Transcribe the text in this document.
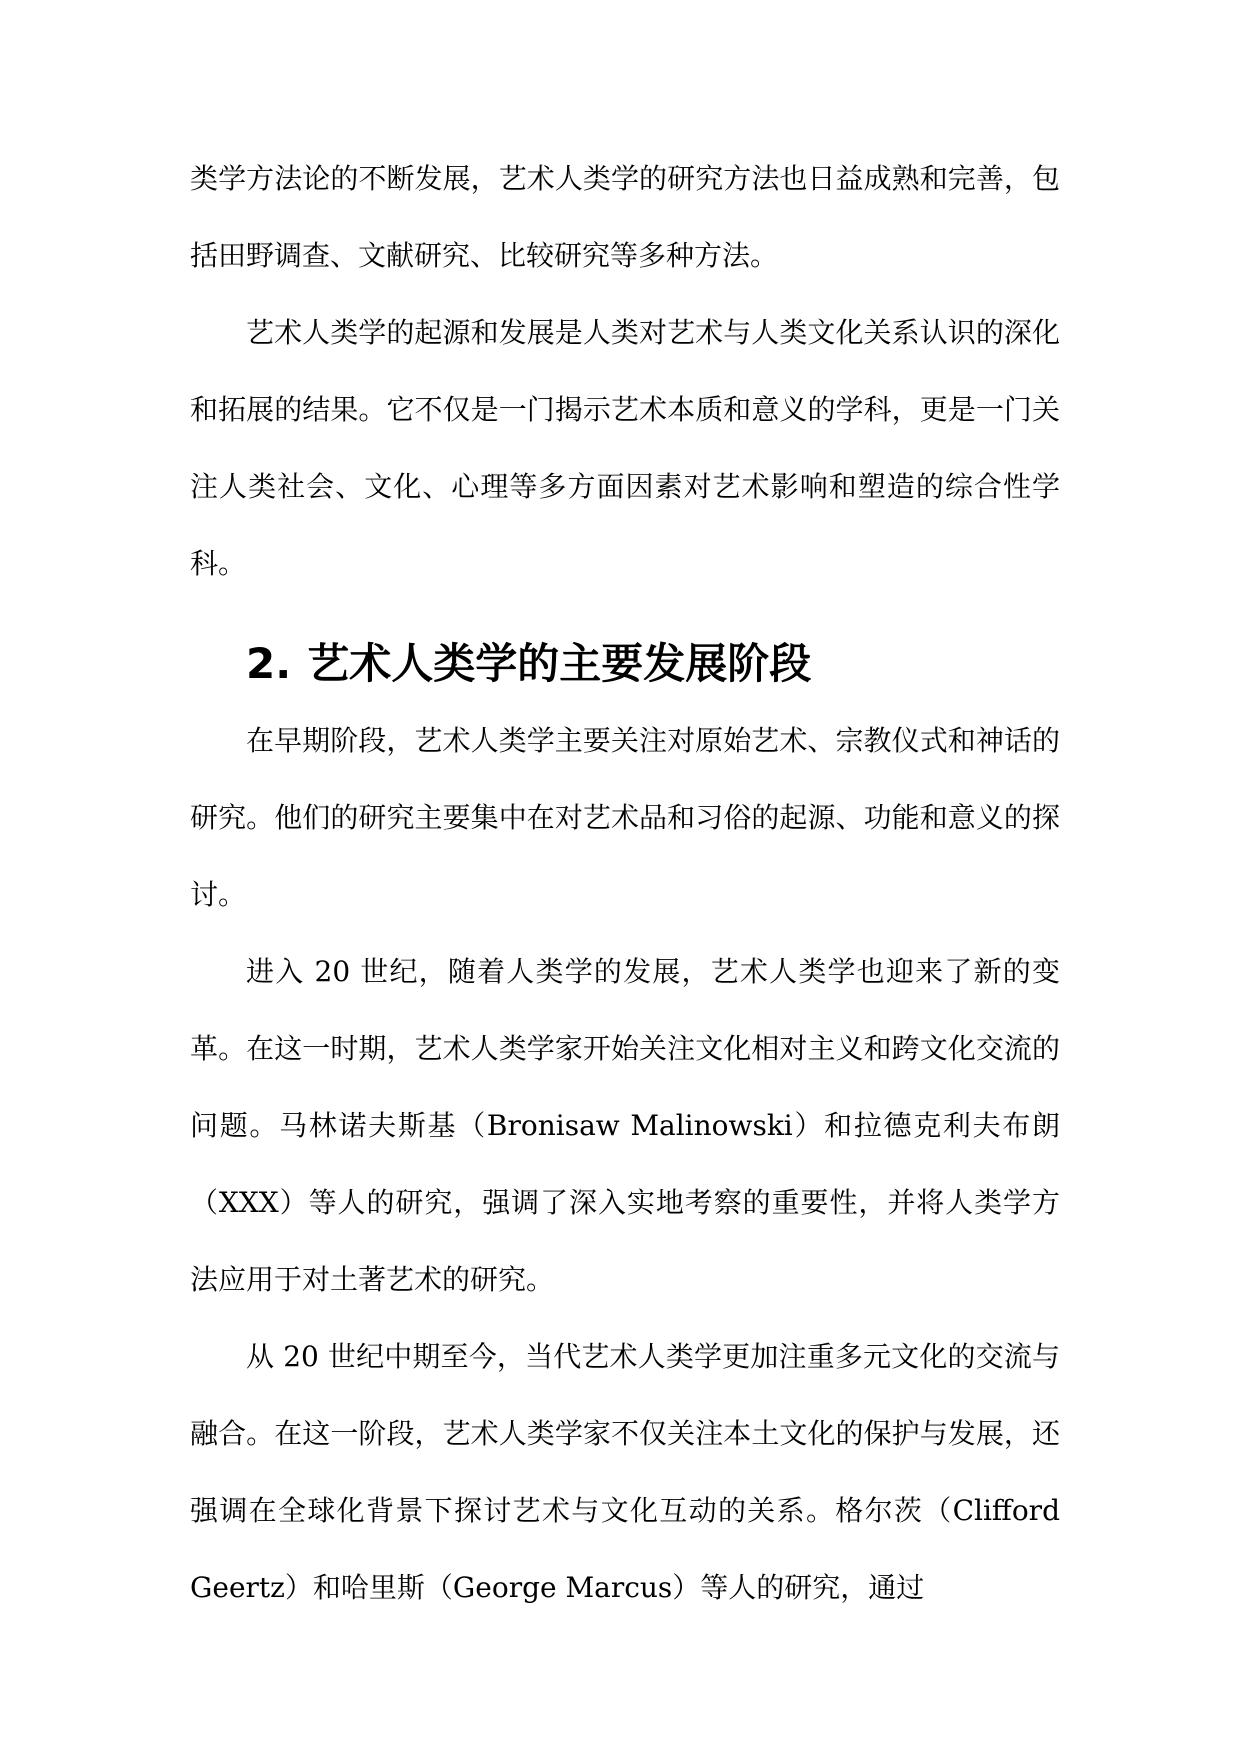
类学方法论的不断发展，艺术人类学的研究方法也日益成熟和完善，包括田野调查、文献研究、比较研究等多种方法。

艺术人类学的起源和发展是人类对艺术与人类文化关系认识的深化和拓展的结果。它不仅是一门揭示艺术本质和意义的学科，更是一门关注人类社会、文化、心理等多方面因素对艺术影响和塑造的综合性学科。

2. 艺术人类学的主要发展阶段

在早期阶段，艺术人类学主要关注对原始艺术、宗教仪式和神话的研究。他们的研究主要集中在对艺术品和习俗的起源、功能和意义的探讨。

进入 20 世纪，随着人类学的发展，艺术人类学也迎来了新的变革。在这一时期，艺术人类学家开始关注文化相对主义和跨文化交流的问题。马林诺夫斯基（Bronisaw Malinowski）和拉德克利夫布朗（XXX）等人的研究，强调了深入实地考察的重要性，并将人类学方法应用于对土著艺术的研究。

从 20 世纪中期至今，当代艺术人类学更加注重多元文化的交流与融合。在这一阶段，艺术人类学家不仅关注本土文化的保护与发展，还强调在全球化背景下探讨艺术与文化互动的关系。格尔茨（Clifford Geertz）和哈里斯（George Marcus）等人的研究，通过
